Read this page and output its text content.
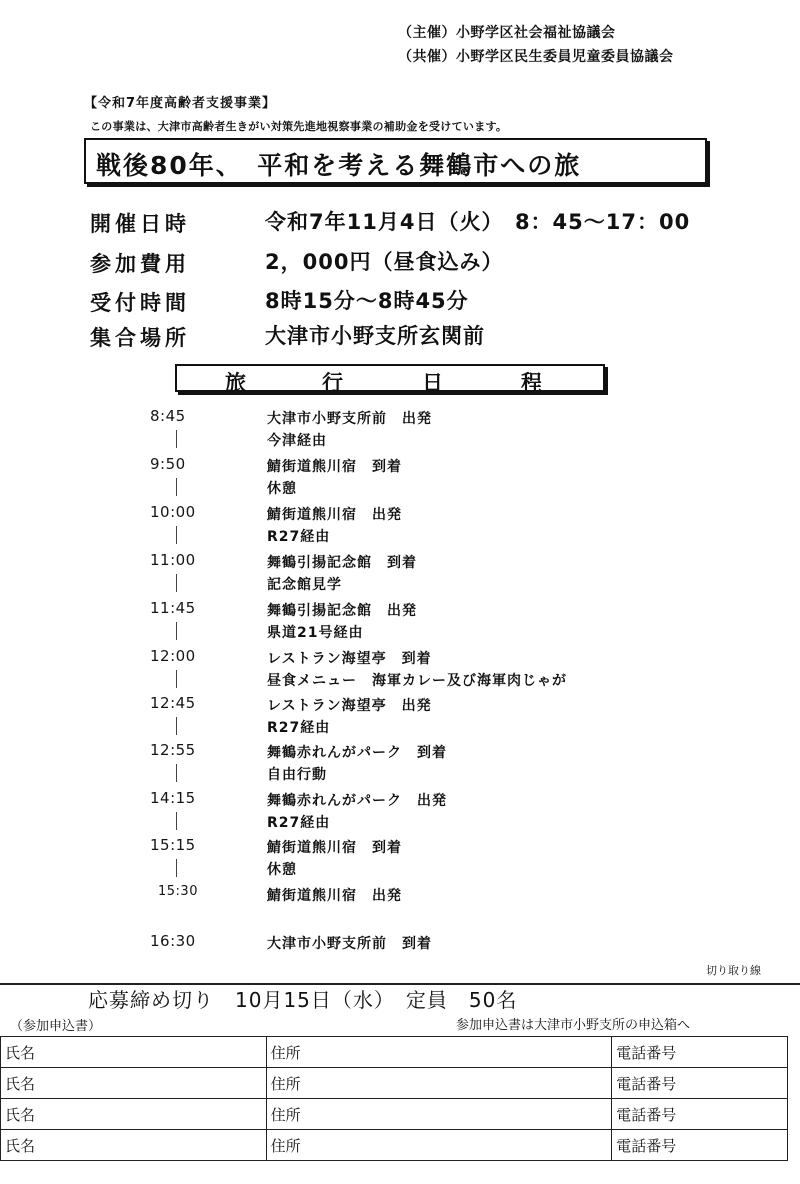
（主催）小野学区社会福祉協議会
（共催）小野学区民生委員児童委員協議会
【令和7年度高齢者支援事業】
この事業は、大津市高齢者生きがい対策先進地視察事業の補助金を受けています。
戦後80年、　平和を考える舞鶴市への旅
開催日時	令和7年11月4日（火）　8：45～17：00
参加費用	2，000円（昼食込み）
受付時間	8時15分～8時45分
集合場所	大津市小野支所玄関前
旅	行	日	程
8:45	大津市小野支所前　出発
今津経由
9:50	鯖街道熊川宿　到着
休憩
10:00	鯖街道熊川宿　出発
R27経由
11:00	舞鶴引揚記念館　到着
記念館見学
11:45	舞鶴引揚記念館　出発
県道21号経由
12:00	レストラン海望亭　到着
昼食メニュー　海軍カレー及び海軍肉じゃが
12:45	レストラン海望亭　出発
R27経由
12:55	舞鶴赤れんがパーク　到着
自由行動
14:15	舞鶴赤れんがパーク　出発
R27経由
15:15	鯖街道熊川宿　到着
休憩
15:30	鯖街道熊川宿　出発
16:30	大津市小野支所前　到着
切り取り線
応募締め切り　10月15日（水）　定員　50名
（参加申込書）	参加申込書は大津市小野支所の申込箱へ
氏名	住所	電話番号
氏名	住所	電話番号
氏名	住所	電話番号
氏名	住所	電話番号
